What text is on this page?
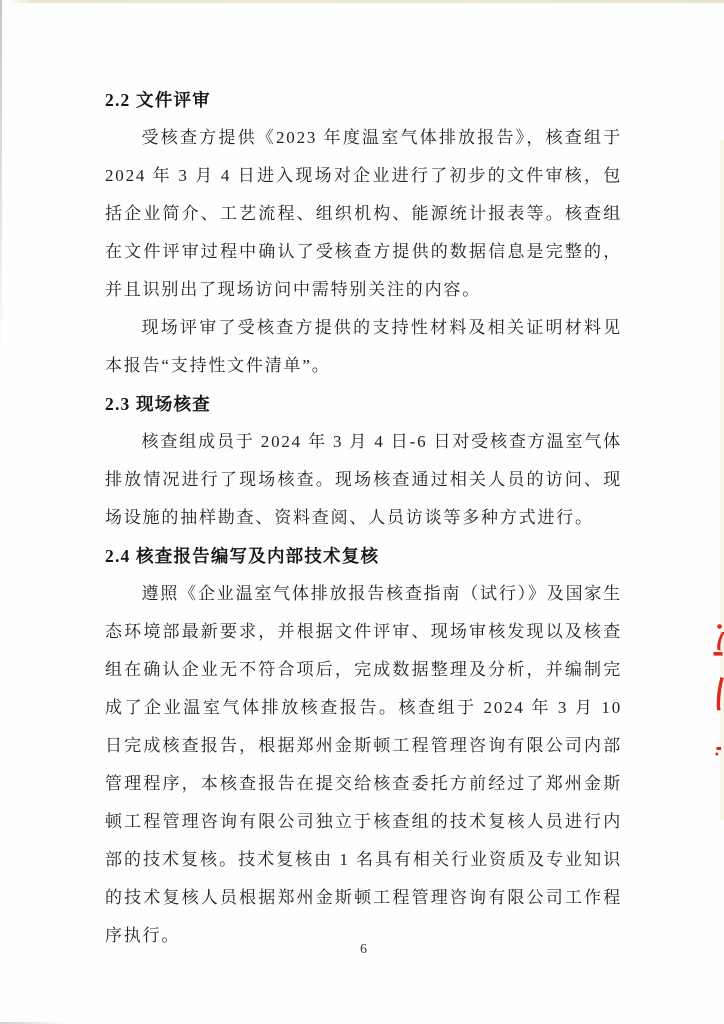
2.2 文件评审

受核查方提供《2023 年度温室气体排放报告》，核查组于 2024 年 3 月 4 日进入现场对企业进行了初步的文件审核，包括企业简介、工艺流程、组织机构、能源统计报表等。核查组在文件评审过程中确认了受核查方提供的数据信息是完整的，并且识别出了现场访问中需特别关注的内容。

现场评审了受核查方提供的支持性材料及相关证明材料见本报告“支持性文件清单”。

2.3 现场核查

核查组成员于 2024 年 3 月 4 日-6 日对受核查方温室气体排放情况进行了现场核查。现场核查通过相关人员的访问、现场设施的抽样勘查、资料查阅、人员访谈等多种方式进行。

2.4 核查报告编写及内部技术复核

遵照《企业温室气体排放报告核查指南（试行）》及国家生态环境部最新要求，并根据文件评审、现场审核发现以及核查组在确认企业无不符合项后，完成数据整理及分析，并编制完成了企业温室气体排放核查报告。核查组于 2024 年 3 月 10 日完成核查报告，根据郑州金斯顿工程管理咨询有限公司内部管理程序，本核查报告在提交给核查委托方前经过了郑州金斯顿工程管理咨询有限公司独立于核查组的技术复核人员进行内部的技术复核。技术复核由 1 名具有相关行业资质及专业知识的技术复核人员根据郑州金斯顿工程管理咨询有限公司工作程序执行。

6
